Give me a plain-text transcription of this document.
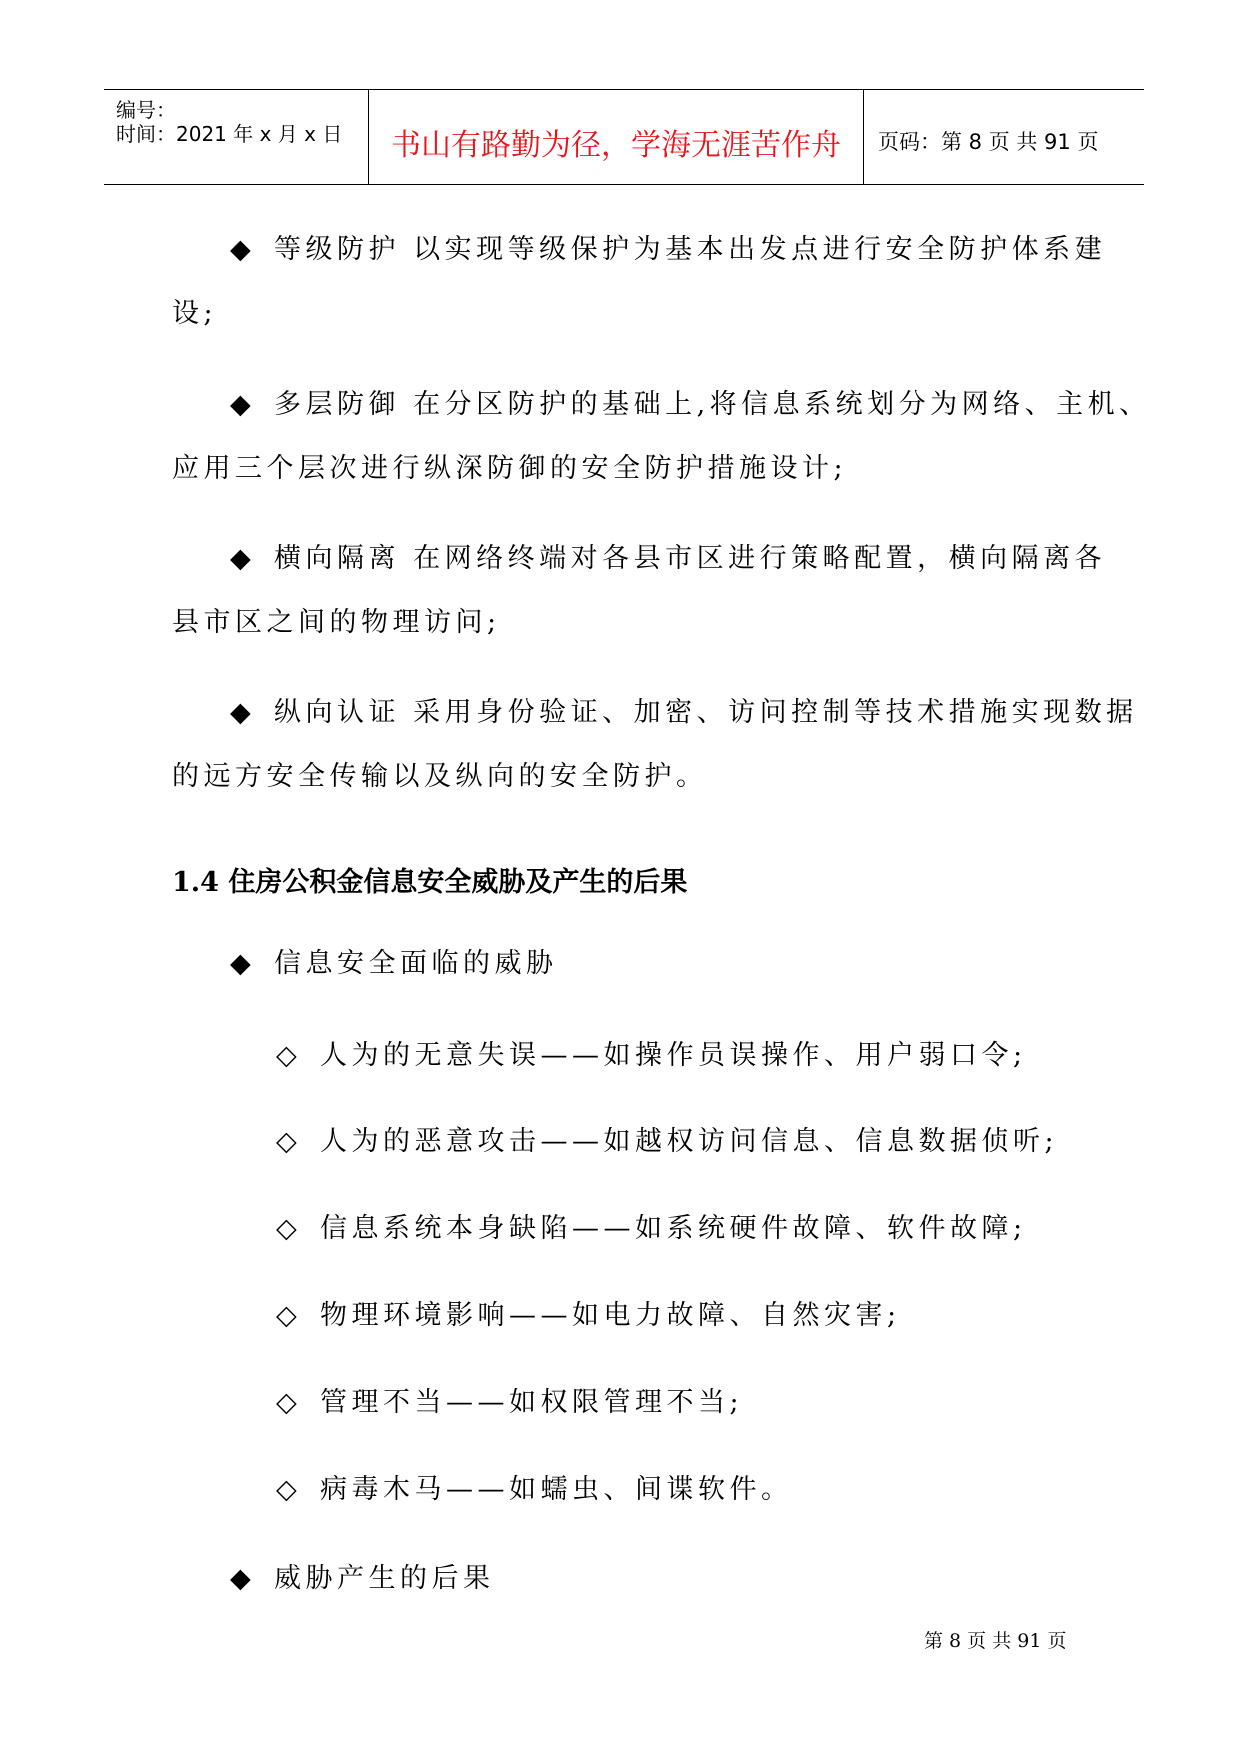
编号：
时间：2021 年 x 月 x 日	书山有路勤为径，学海无涯苦作舟	页码：第 8 页 共 91 页
◆ 等级防护 以实现等级保护为基本出发点进行安全防护体系建
设;
◆ 多层防御 在分区防护的基础上,将信息系统划分为网络、主机、
应用三个层次进行纵深防御的安全防护措施设计;
◆ 横向隔离 在网络终端对各县市区进行策略配置，横向隔离各
县市区之间的物理访问;
◆ 纵向认证 采用身份验证、加密、访问控制等技术措施实现数据
的远方安全传输以及纵向的安全防护。
1.4 住房公积金信息安全威胁及产生的后果
◆ 信息安全面临的威胁
◇ 人为的无意失误——如操作员误操作、用户弱口令;
◇ 人为的恶意攻击——如越权访问信息、信息数据侦听;
◇ 信息系统本身缺陷——如系统硬件故障、软件故障;
◇ 物理环境影响——如电力故障、自然灾害;
◇ 管理不当——如权限管理不当;
◇ 病毒木马——如蠕虫、间谍软件。
◆ 威胁产生的后果
第 8 页 共 91 页
